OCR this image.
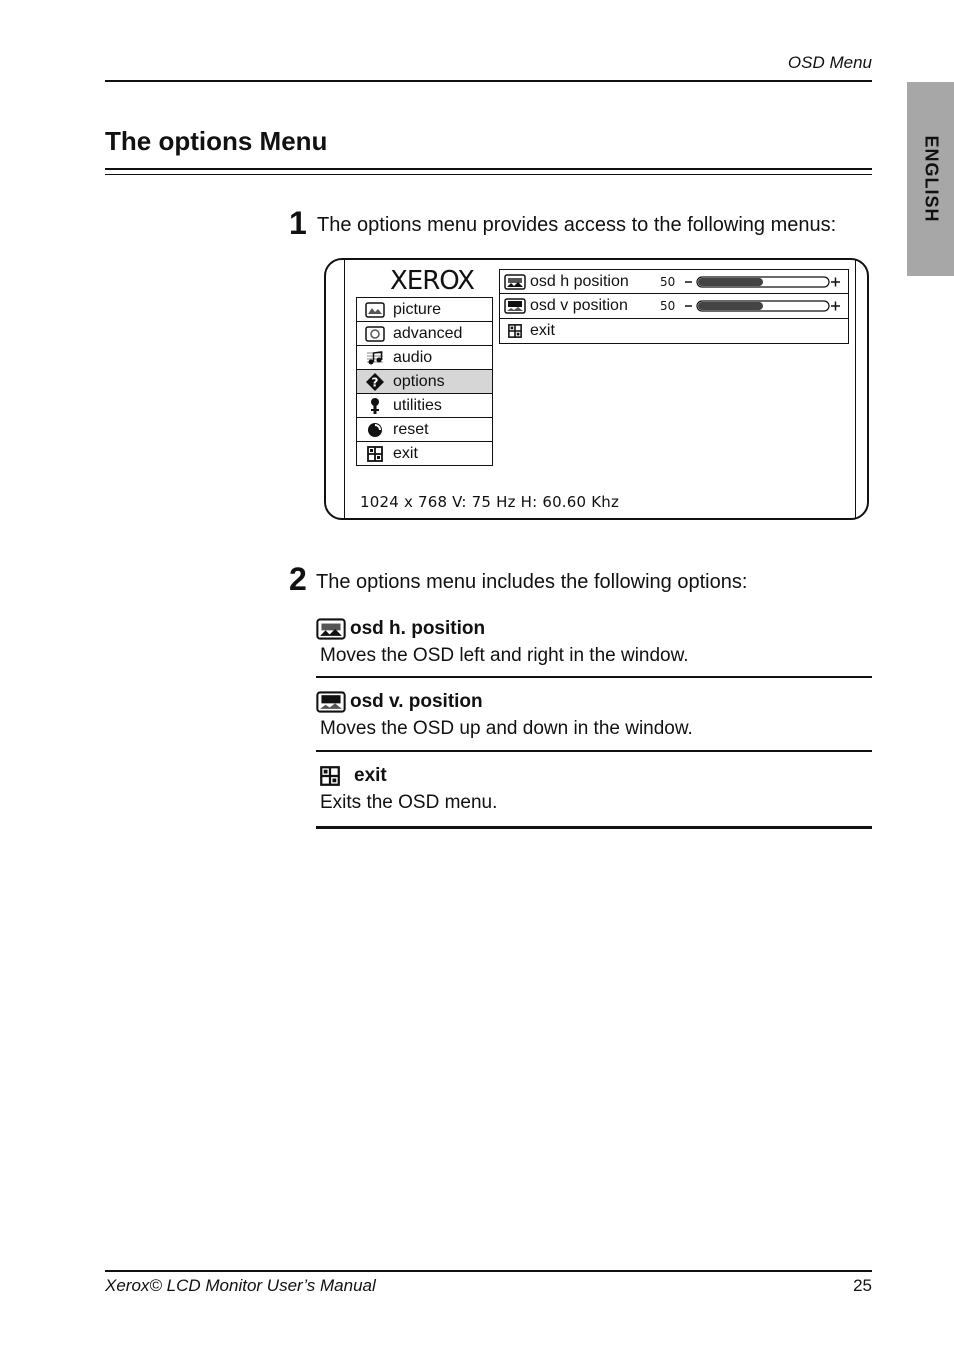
OSD Menu
ENGLISH
The options Menu
1 The options menu provides access to the following menus:
XEROX
picture
advanced
audio
? options
utilities
reset
exit
osd h position	50
osd v position	50
exit
1024 x 768 V: 75 Hz H: 60.60 Khz
2 The options menu includes the following options:
osd h. position
Moves the OSD left and right in the window.
osd v. position
Moves the OSD up and down in the window.
exit
Exits the OSD menu.
Xerox© LCD Monitor User’s Manual	25
